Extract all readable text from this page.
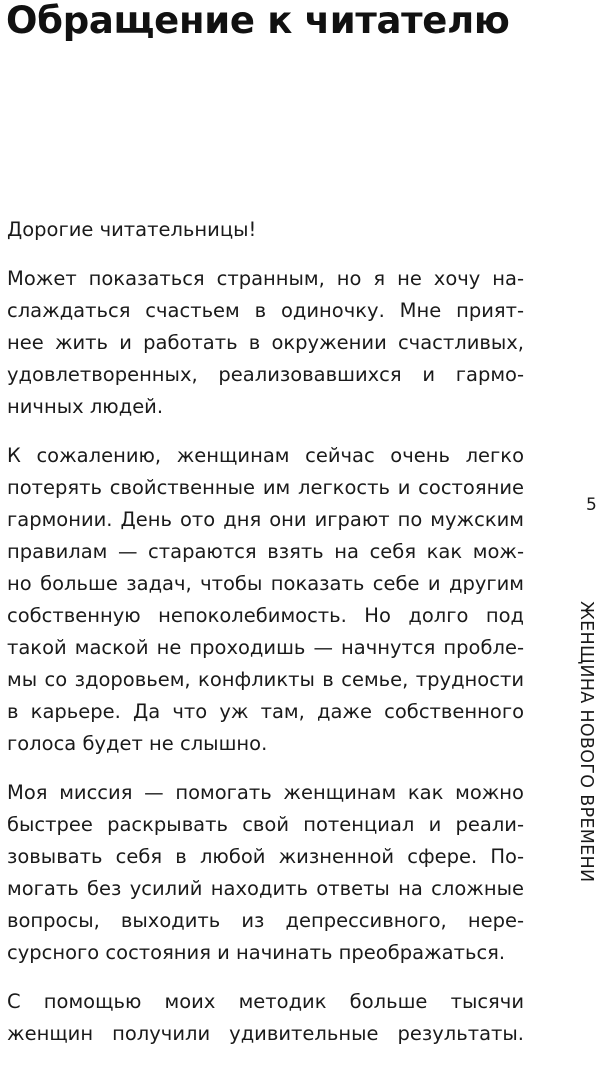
Обращение к читателю
Дорогие читательницы!
Может показаться странным, но я не хочу на-
слаждаться счастьем в одиночку. Мне прият-
нее жить и работать в окружении счастливых,
удовлетворенных, реализовавшихся и гармо-
ничных людей.
К сожалению, женщинам сейчас очень легко
потерять свойственные им легкость и состояние
гармонии. День ото дня они играют по мужским
правилам — стараются взять на себя как мож-
но больше задач, чтобы показать себе и другим
собственную непоколебимость. Но долго под
такой маской не проходишь — начнутся пробле-
мы со здоровьем, конфликты в семье, трудности
в карьере. Да что уж там, даже собственного
голоса будет не слышно.
Моя миссия — помогать женщинам как можно
быстрее раскрывать свой потенциал и реали-
зовывать себя в любой жизненной сфере. По-
могать без усилий находить ответы на сложные
вопросы, выходить из депрессивного, нере-
сурсного состояния и начинать преображаться.
С помощью моих методик больше тысячи
женщин получили удивительные результаты.
5
ЖЕНЩИНА НОВОГО ВРЕМЕНИ
